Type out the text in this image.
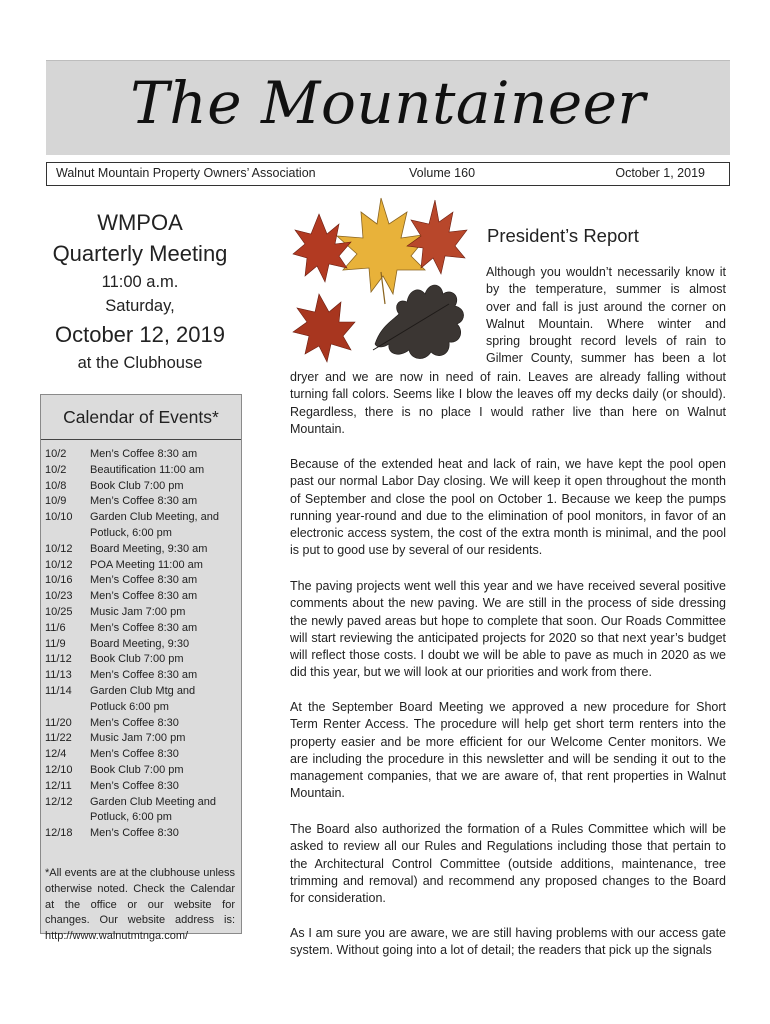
The Mountaineer
Walnut Mountain Property Owners’ Association	Volume 160	October 1, 2019
WMPOA
Quarterly Meeting
11:00 a.m.
Saturday,
October 12, 2019
at the Clubhouse
Calendar of Events*
10/2 Men’s Coffee 8:30 am
10/2 Beautification 11:00 am
10/8 Book Club 7:00 pm
10/9 Men’s Coffee 8:30 am
10/10 Garden Club Meeting, and
Potluck, 6:00 pm
10/12 Board Meeting, 9:30 am
10/12 POA Meeting 11:00 am
10/16 Men’s Coffee 8:30 am
10/23 Men’s Coffee 8:30 am
10/25 Music Jam 7:00 pm
11/6 Men’s Coffee 8:30 am
11/9 Board Meeting, 9:30
11/12 Book Club 7:00 pm
11/13 Men’s Coffee 8:30 am
11/14 Garden Club Mtg and
Potluck 6:00 pm
11/20 Men’s Coffee 8:30
11/22 Music Jam 7:00 pm
12/4 Men’s Coffee 8:30
12/10 Book Club 7:00 pm
12/11 Men’s Coffee 8:30
12/12 Garden Club Meeting and
Potluck, 6:00 pm
12/18 Men’s Coffee 8:30

*All events are at the clubhouse unless otherwise noted. Check the Calendar at the office or our website for changes. Our website address is: http://www.walnutmtnga.com/

President’s Report

Although you wouldn’t necessarily know it

by the temperature, summer is almost

over and fall is just around the corner on

Walnut Mountain. Where winter and

spring brought record levels of rain to

Gilmer County, summer has been a lot

dryer and we are now in need of rain. Leaves are already falling without turning fall colors. Seems like I blow the leaves off my decks daily (or should). Regardless, there is no place I would rather live than here on Walnut Mountain.

Because of the extended heat and lack of rain, we have kept the pool open past our normal Labor Day closing. We will keep it open throughout the month of September and close the pool on October 1. Because we keep the pumps running year-round and due to the elimination of pool monitors, in favor of an electronic access system, the cost of the extra month is minimal, and the pool is put to good use by several of our residents.

The paving projects went well this year and we have received several positive comments about the new paving. We are still in the process of side dressing the newly paved areas but hope to complete that soon. Our Roads Committee will start reviewing the anticipated projects for 2020 so that next year’s budget will reflect those costs. I doubt we will be able to pave as much in 2020 as we did this year, but we will look at our priorities and work from there.

At the September Board Meeting we approved a new procedure for Short Term Renter Access. The procedure will help get short term renters into the property easier and be more efficient for our Welcome Center monitors. We are including the procedure in this newsletter and will be sending it out to the management companies, that we are aware of, that rent properties in Walnut Mountain.

The Board also authorized the formation of a Rules Committee which will be asked to review all our Rules and Regulations including those that pertain to the Architectural Control Committee (outside additions, maintenance, tree trimming and removal) and recommend any proposed changes to the Board for consideration.

As I am sure you are aware, we are still having problems with our access gate system. Without going into a lot of detail; the readers that pick up the signals
